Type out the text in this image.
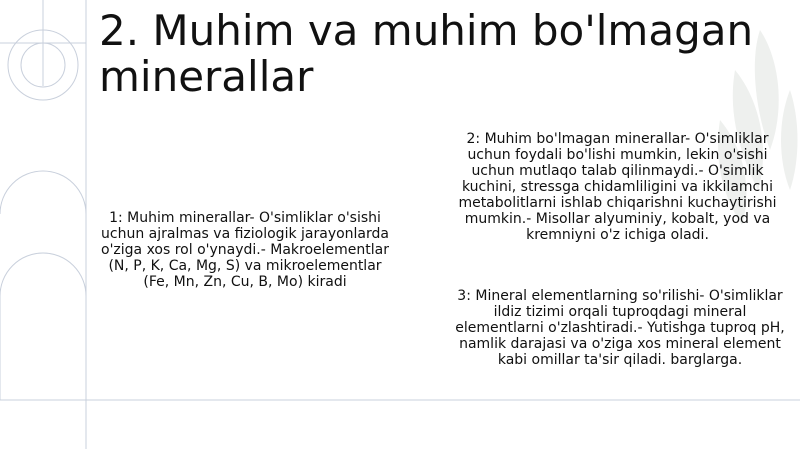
2. Muhim va muhim bo'lmagan minerallar
1: Muhim minerallar- O'simliklar o'sishi uchun ajralmas va fiziologik jarayonlarda o'ziga xos rol o'ynaydi.- Makroelementlar (N, P, K, Ca, Mg, S) va mikroelementlar (Fe, Mn, Zn, Cu, B, Mo) kiradi
2: Muhim bo'lmagan minerallar- O'simliklar uchun foydali bo'lishi mumkin, lekin o'sishi uchun mutlaqo talab qilinmaydi.- O'simlik kuchini, stressga chidamliligini va ikkilamchi metabolitlarni ishlab chiqarishni kuchaytirishi mumkin.- Misollar alyuminiy, kobalt, yod va kremniyni o'z ichiga oladi.
3: Mineral elementlarning so'rilishi- O'simliklar ildiz tizimi orqali tuproqdagi mineral elementlarni o'zlashtiradi.- Yutishga tuproq pH, namlik darajasi va o'ziga xos mineral element kabi omillar ta'sir qiladi. barglarga.
